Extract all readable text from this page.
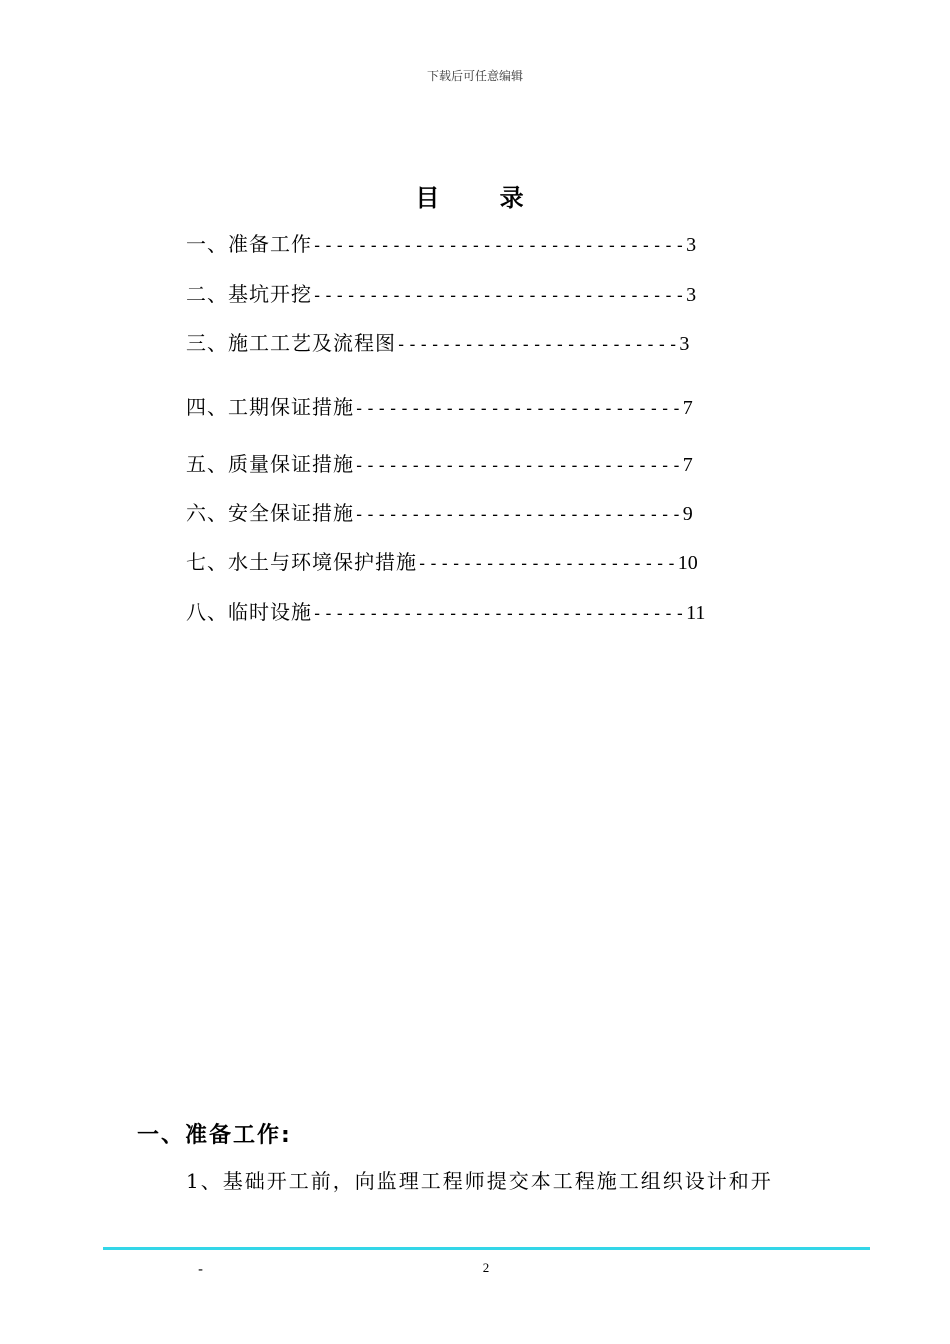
下载后可任意编辑
目 录
一、准备工作---------------------------------3
二、基坑开挖---------------------------------3
三、施工工艺及流程图-------------------------3
四、工期保证措施-----------------------------7
五、质量保证措施-----------------------------7
六、安全保证措施-----------------------------9
七、水土与环境保护措施-----------------------10
八、临时设施---------------------------------11
一、准备工作:
1、基础开工前，向监理工程师提交本工程施工组织设计和开
-	2
